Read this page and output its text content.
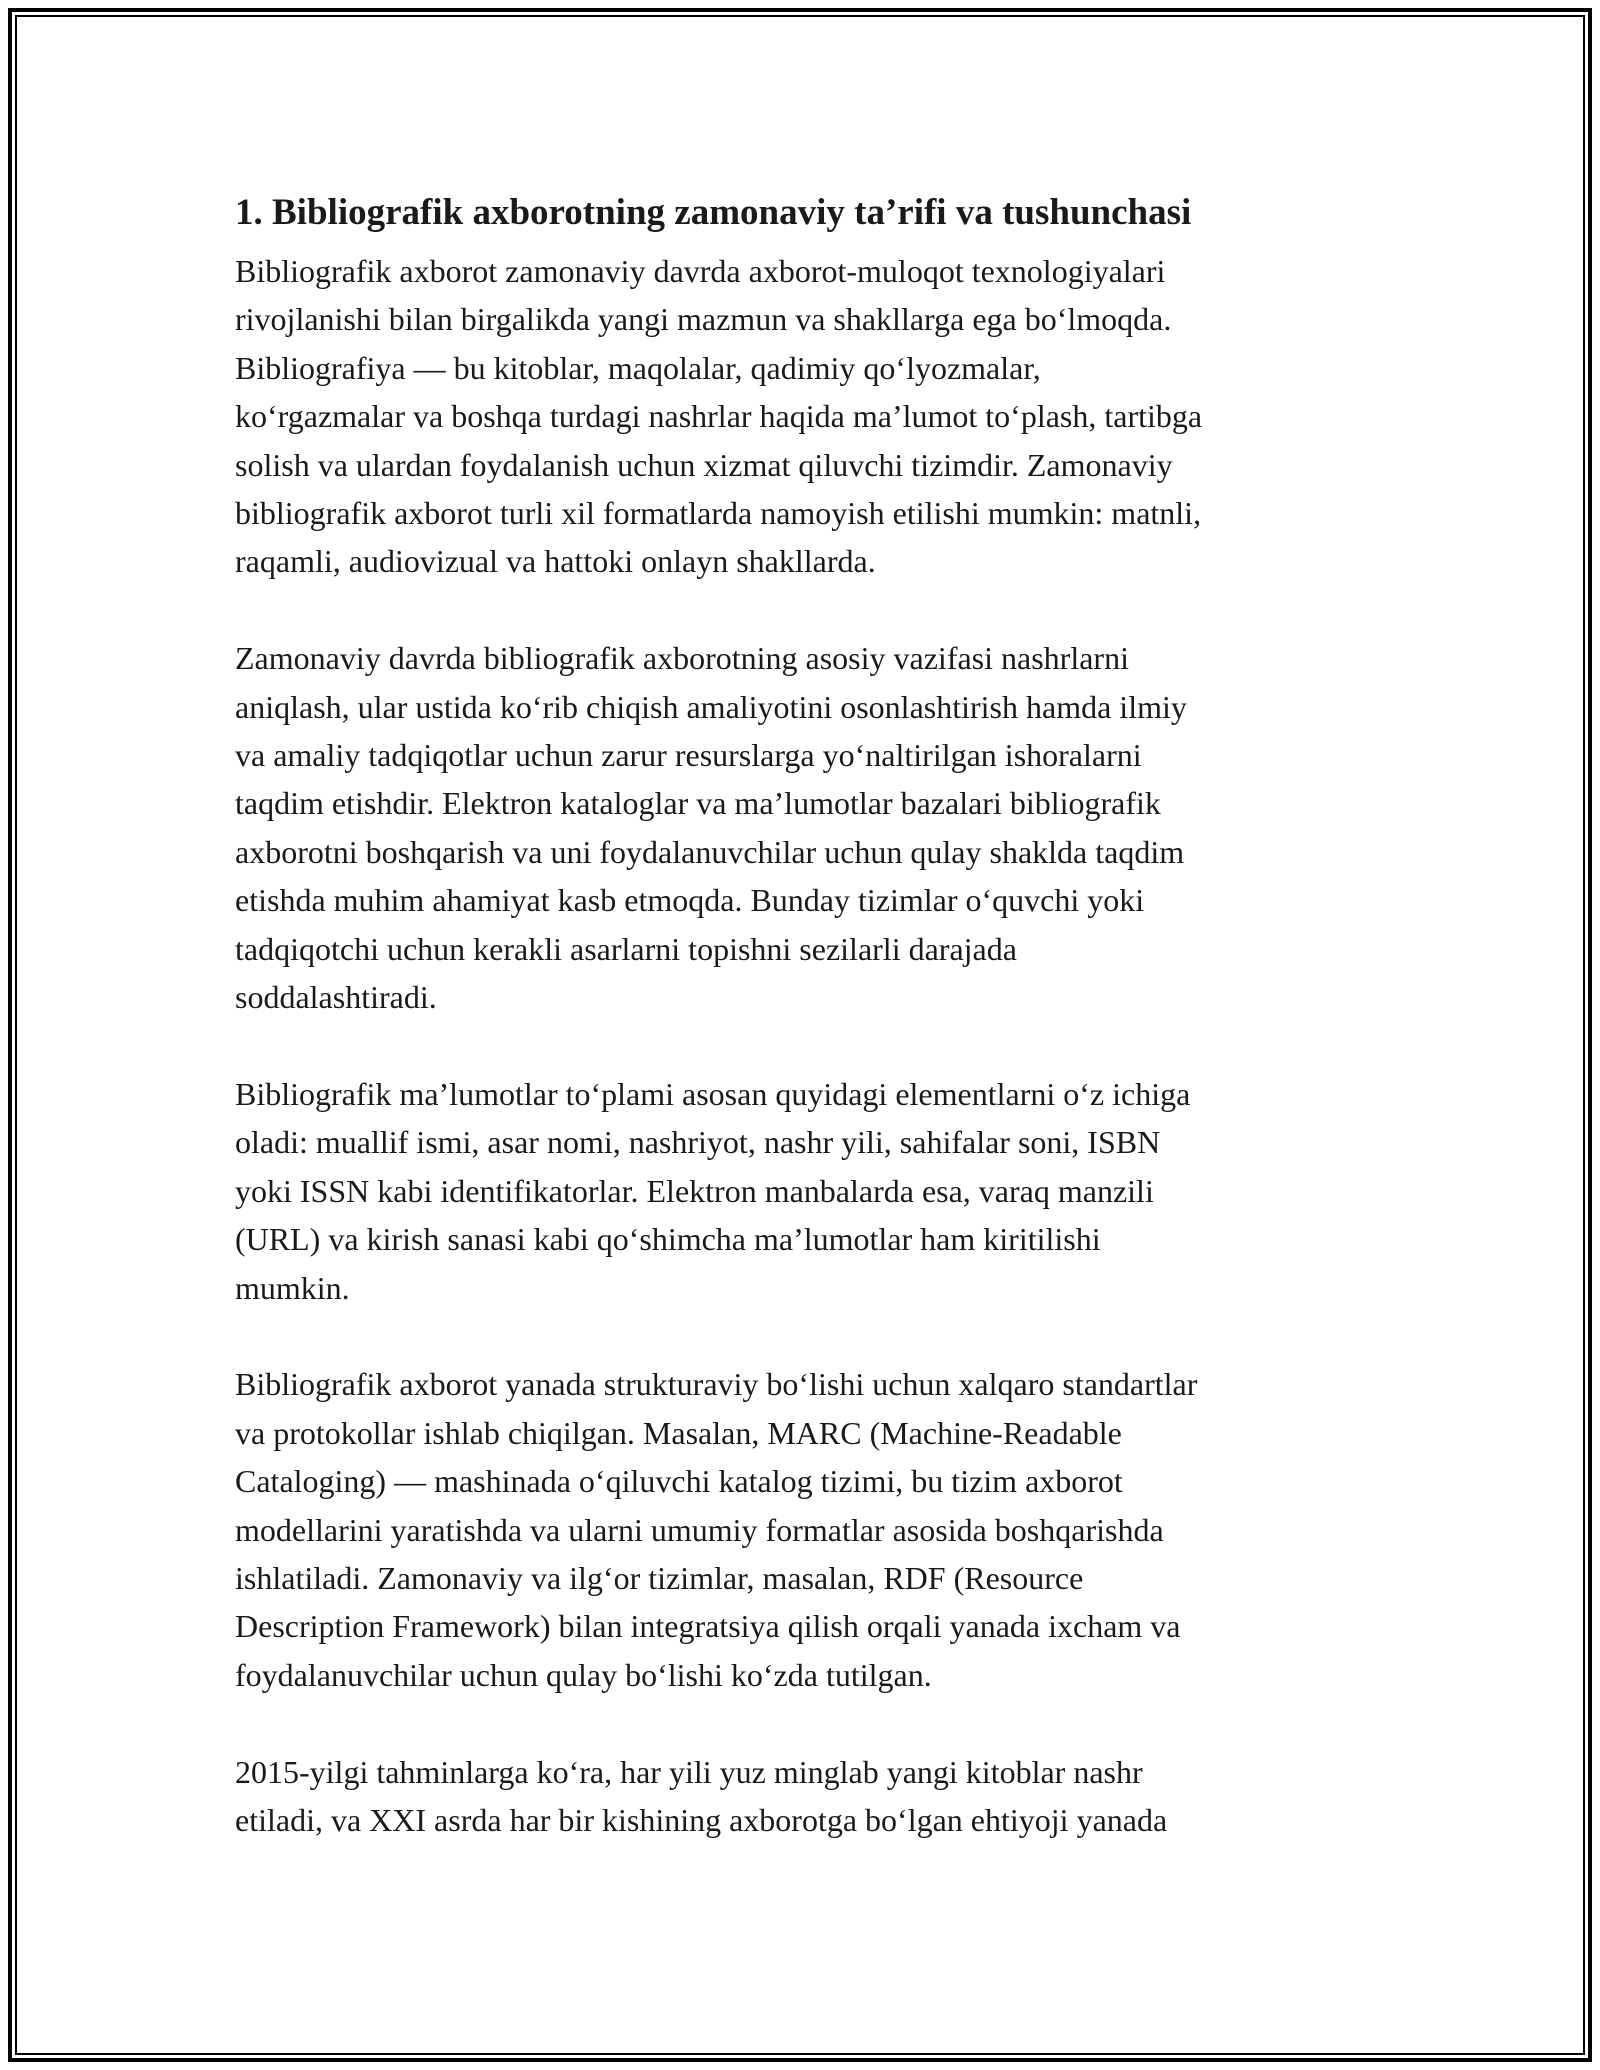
1. Bibliografik axborotning zamonaviy ta’rifi va tushunchasi

Bibliografik axborot zamonaviy davrda axborot-muloqot texnologiyalari
rivojlanishi bilan birgalikda yangi mazmun va shakllarga ega bo‘lmoqda.
Bibliografiya — bu kitoblar, maqolalar, qadimiy qo‘lyozmalar,
ko‘rgazmalar va boshqa turdagi nashrlar haqida ma’lumot to‘plash, tartibga
solish va ulardan foydalanish uchun xizmat qiluvchi tizimdir. Zamonaviy
bibliografik axborot turli xil formatlarda namoyish etilishi mumkin: matnli,
raqamli, audiovizual va hattoki onlayn shakllarda.

Zamonaviy davrda bibliografik axborotning asosiy vazifasi nashrlarni
aniqlash, ular ustida ko‘rib chiqish amaliyotini osonlashtirish hamda ilmiy
va amaliy tadqiqotlar uchun zarur resurslarga yo‘naltirilgan ishoralarni
taqdim etishdir. Elektron kataloglar va ma’lumotlar bazalari bibliografik
axborotni boshqarish va uni foydalanuvchilar uchun qulay shaklda taqdim
etishda muhim ahamiyat kasb etmoqda. Bunday tizimlar o‘quvchi yoki
tadqiqotchi uchun kerakli asarlarni topishni sezilarli darajada
soddalashtiradi.

Bibliografik ma’lumotlar to‘plami asosan quyidagi elementlarni o‘z ichiga
oladi: muallif ismi, asar nomi, nashriyot, nashr yili, sahifalar soni, ISBN
yoki ISSN kabi identifikatorlar. Elektron manbalarda esa, varaq manzili
(URL) va kirish sanasi kabi qo‘shimcha ma’lumotlar ham kiritilishi
mumkin.

Bibliografik axborot yanada strukturaviy bo‘lishi uchun xalqaro standartlar
va protokollar ishlab chiqilgan. Masalan, MARC (Machine-Readable
Cataloging) — mashinada o‘qiluvchi katalog tizimi, bu tizim axborot
modellarini yaratishda va ularni umumiy formatlar asosida boshqarishda
ishlatiladi. Zamonaviy va ilg‘or tizimlar, masalan, RDF (Resource
Description Framework) bilan integratsiya qilish orqali yanada ixcham va
foydalanuvchilar uchun qulay bo‘lishi ko‘zda tutilgan.

2015-yilgi tahminlarga ko‘ra, har yili yuz minglab yangi kitoblar nashr
etiladi, va XXI asrda har bir kishining axborotga bo‘lgan ehtiyoji yanada
